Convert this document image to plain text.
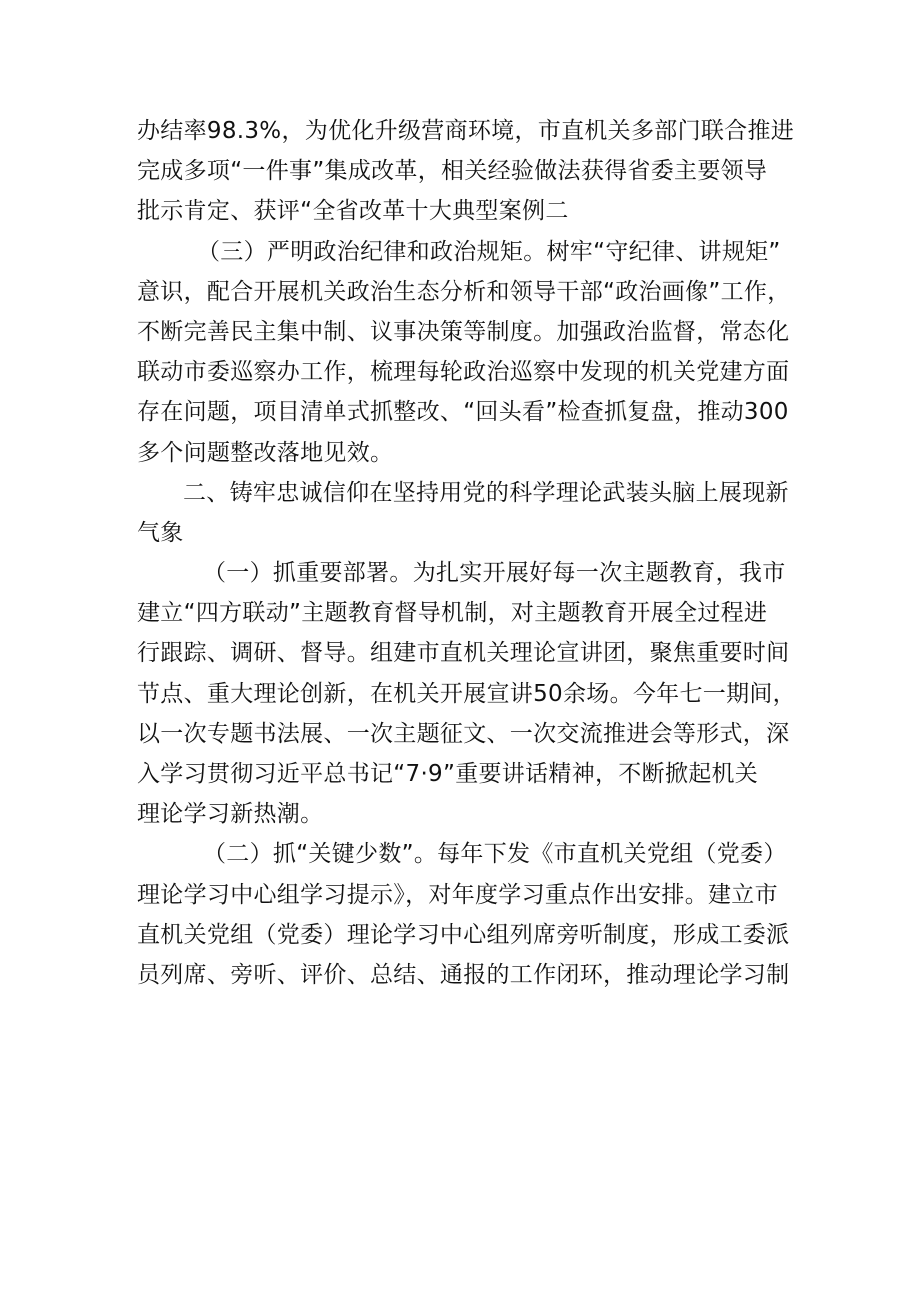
办结率98.3%，为优化升级营商环境，市直机关多部门联合推进
完成多项“一件事”集成改革，相关经验做法获得省委主要领导
批示肯定、获评“全省改革十大典型案例二
（三）严明政治纪律和政治规矩。树牢“守纪律、讲规矩”
意识，配合开展机关政治生态分析和领导干部“政治画像”工作，
不断完善民主集中制、议事决策等制度。加强政治监督，常态化
联动市委巡察办工作，梳理每轮政治巡察中发现的机关党建方面
存在问题，项目清单式抓整改、“回头看”检查抓复盘，推动300
多个问题整改落地见效。
二、铸牢忠诚信仰在坚持用党的科学理论武装头脑上展现新
气象
（一）抓重要部署。为扎实开展好每一次主题教育，我市
建立“四方联动”主题教育督导机制，对主题教育开展全过程进
行跟踪、调研、督导。组建市直机关理论宣讲团，聚焦重要时间
节点、重大理论创新，在机关开展宣讲50余场。今年七一期间，
以一次专题书法展、一次主题征文、一次交流推进会等形式，深
入学习贯彻习近平总书记“7·9”重要讲话精神，不断掀起机关
理论学习新热潮。
（二）抓“关键少数”。每年下发《市直机关党组（党委）
理论学习中心组学习提示》，对年度学习重点作出安排。建立市
直机关党组（党委）理论学习中心组列席旁听制度，形成工委派
员列席、旁听、评价、总结、通报的工作闭环，推动理论学习制
